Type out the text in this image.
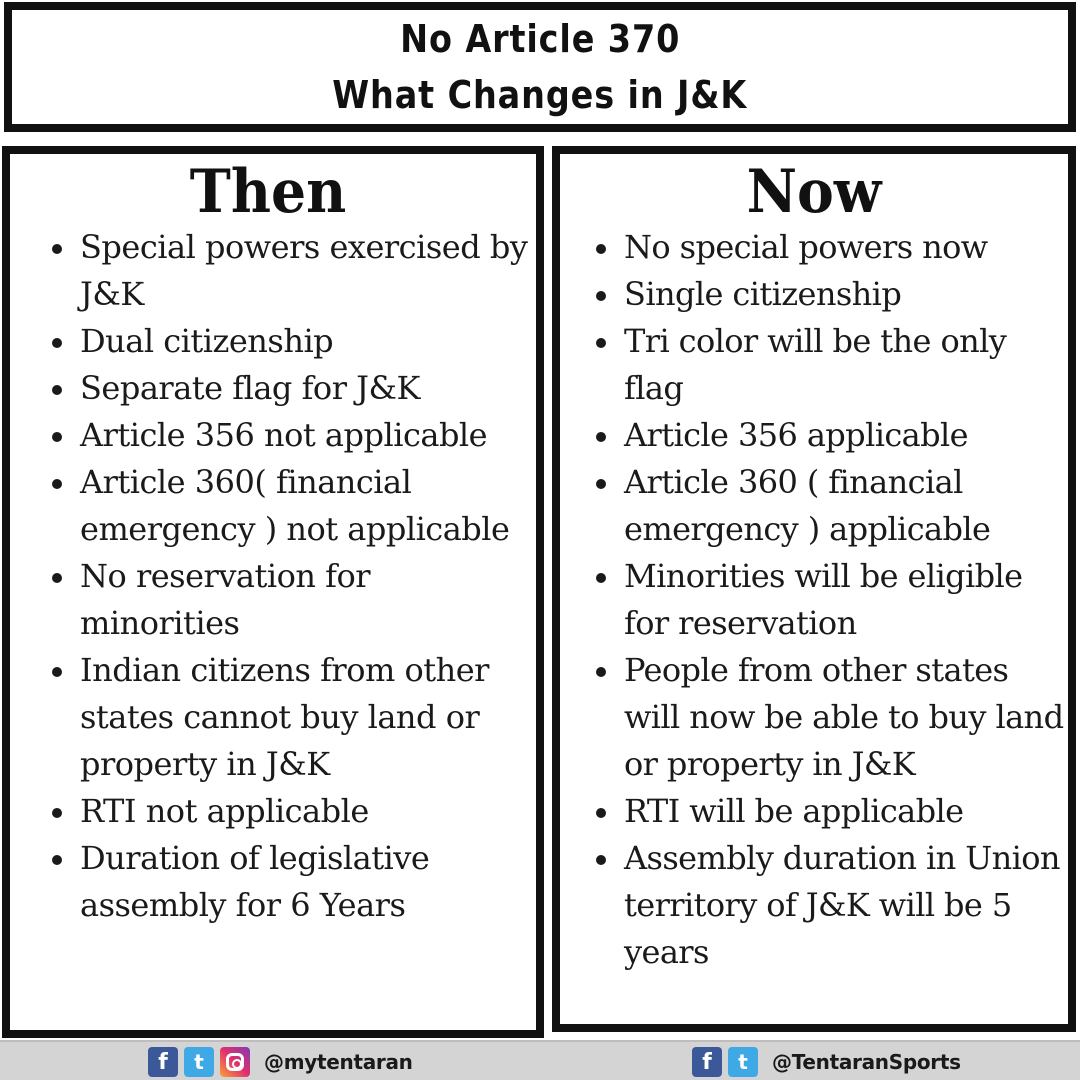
No Article 370
What Changes in J&K
Then
Special powers exercised by J&K
Dual citizenship
Separate flag for J&K
Article 356 not applicable
Article 360( financial emergency ) not applicable
No reservation for minorities
Indian citizens from other states cannot buy land or property in J&K
RTI not applicable
Duration of legislative assembly for 6 Years
Now
No special powers now
Single citizenship
Tri color will be the only flag
Article 356 applicable
Article 360 ( financial emergency ) applicable
Minorities will be eligible for reservation
People from other states will now be able to buy land or property in J&K
RTI will be applicable
Assembly duration in Union territory of J&K will be 5 years
f	t	@mytentaran	f	t	@TentaranSports
